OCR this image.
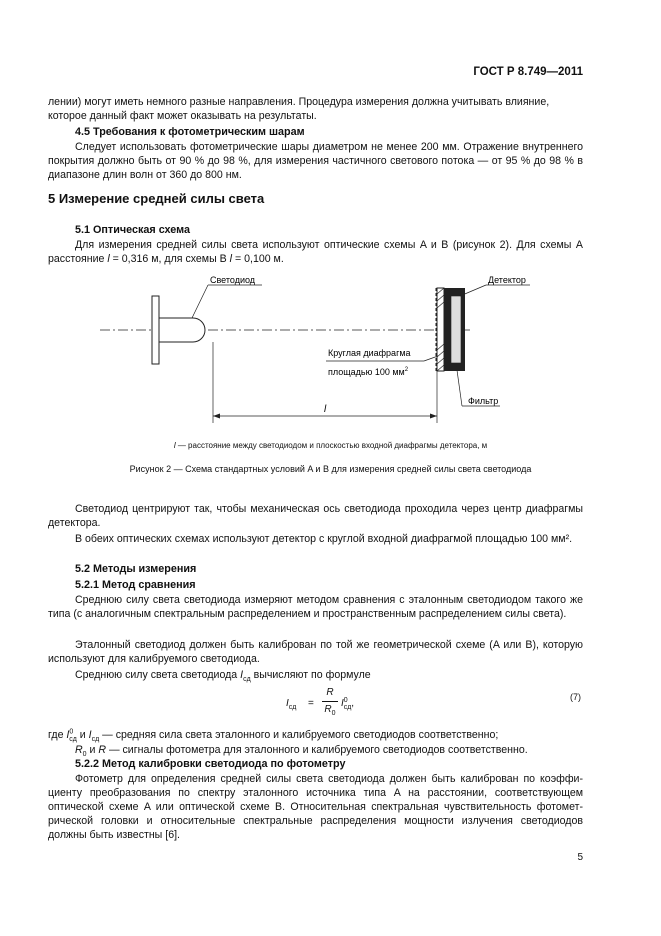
ГОСТ Р 8.749—2011

лении) могут иметь немного разные направления. Процедура измерения должна учитывать влияние,

которое данный факт может оказывать на результаты.

4.5 Требования к фотометрическим шарам
Следует использовать фотометрические шары диаметром не менее 200 мм. Отражение внутреннего покрытия должно быть от 90 % до 98 %, для измерения частичного светового потока — от 95 % до 98 % в диапазоне длин волн от 360 до 800 нм.
5 Измерение средней силы света
5.1 Оптическая схема
Для измерения средней силы света используют оптические схемы A и B (рисунок 2). Для схемы A расстояние l = 0,316 м, для схемы B l = 0,100 м.
Светодиод	Детектор
Круглая диафрагма
площадью 100 $мм^2$
Фильтр
l
l — расстояние между светодиодом и плоскостью входной диафрагмы детектора, м
Рисунок 2 — Схема стандартных условий A и B для измерения средней силы света светодиода
Светодиод центрируют так, чтобы механическая ось светодиода проходила через центр диафрагмы детектора.
В обеих оптических схемах используют детектор с круглой входной диафрагмой площадью 100 мм².
5.2 Методы измерения
5.2.1 Метод сравнения
Среднюю силу света светодиода измеряют методом сравнения с эталонным светодиодом такого же типа (с аналогичным спектральным распределением и пространственным распределением силы света).
Эталонный светодиод должен быть калиброван по той же геометрической схеме (A или B), которую используют для калибруемого светодиода.
Среднюю силу света светодиода $I_{сд}$ вычисляют по формуле
$I_{сд}$ =
R
$R_0$
$I^0_{сд}$,
(7)
где $I^0_{сд}$ и $I_{сд}$ — средняя сила света эталонного и калибруемого светодиодов соответственно;
$R_0$ и R — сигналы фотометра для эталонного и калибруемого светодиодов соответственно.
5.2.2 Метод калибровки светодиода по фотометру
Фотометр для определения средней силы света светодиода должен быть калиброван по коэффициенту преобразования по спектру эталонного источника типа A на расстоянии, соответствующем оптической схеме A или оптической схеме B. Относительная спектральная чувствительность фотометрической головки и относительные спектральные распределения мощности излучения светодиодов должны быть известны [6].
5
